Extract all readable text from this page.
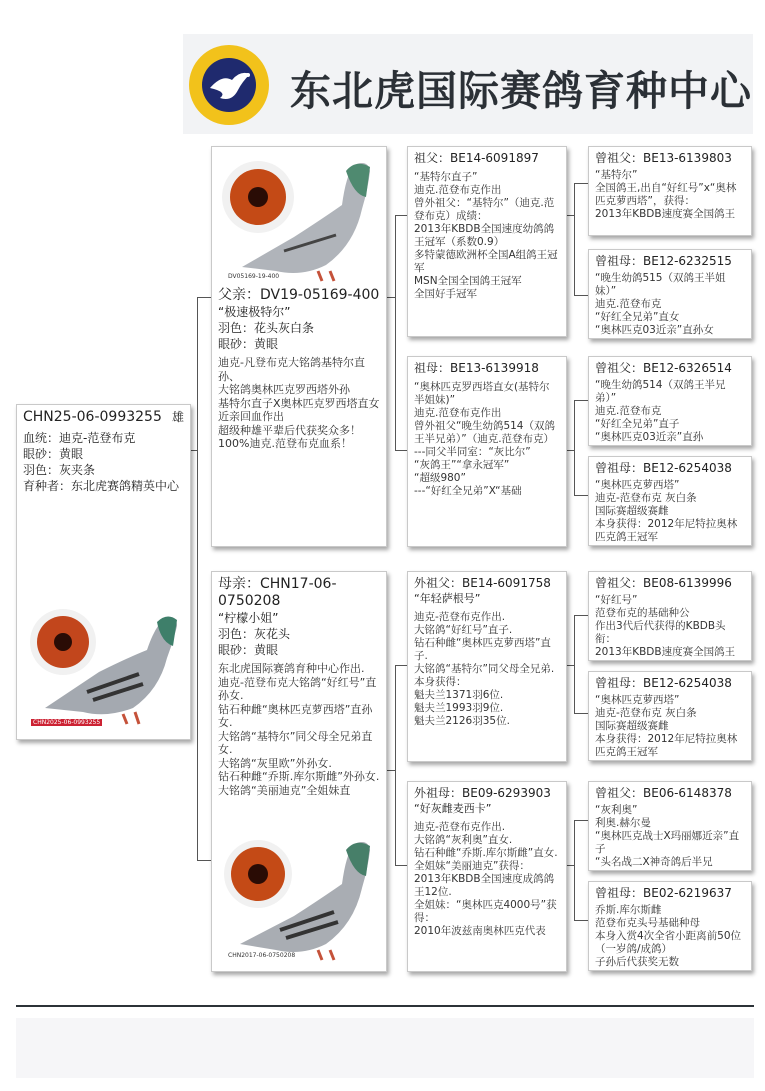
东北虎国际赛鸽育种中心
CHN25-06-0993255 雄
血统：迪克-范登布克
眼砂：黄眼
羽色：灰夹条
育种者：东北虎赛鸽精英中心
CHN2025-06-0993255
DV05169-19-400
父亲：DV19-05169-400
“极速极特尔”
羽色：花头灰白条
眼砂：黄眼
迪克-凡登布克大铭鸽基特尔直孙、
大铭鸽奥林匹克罗西塔外孙
基特尔直子X奥林匹克罗西塔直女近亲回血作出
超级种雄平辈后代获奖众多！
100%迪克.范登布克血系！
母亲：CHN17-06-0750208
“柠檬小姐”
羽色：灰花头
眼砂：黄眼
东北虎国际赛鸽育种中心作出.
迪克-范登布克大铭鸽“好红号”直孙女.
钻石种雌“奥林匹克萝西塔”直孙女.
大铭鸽“基特尔”同父母全兄弟直女.
大铭鸽“灰里欧”外孙女.
钻石种雌“乔斯.库尔斯雌”外孙女.
大铭鸽“美丽迪克”全姐妹直
CHN2017-06-0750208
祖父：BE14-6091897
“基特尔直子”
迪克.范登布克作出
曾外祖父：“基特尔”（迪克.范登布克）成绩：
2013年KBDB全国速度幼鸽鸽王冠军（系数0.9）
多特蒙德欧洲杯全国A组鸽王冠军
MSN全国全国鸽王冠军
全国好手冠军
祖母：BE13-6139918
“奥林匹克罗西塔直女(基特尔半姐妹)”
迪克.范登布克作出
曾外祖父“晚生幼鸽514（双鸽王半兄弟）”（迪克.范登布克）
---同父半同室：“灰比尔”
“灰鸽王”“拿永冠军”
“超级980”
---“好红全兄弟”X“基础
外祖父：BE14-6091758
“年轻萨根号”
迪克-范登布克作出.
大铭鸽“好红号”直子.
钻石种雌“奥林匹克萝西塔”直子.
大铭鸽“基特尔”同父母全兄弟.
本身获得：
魁夫兰1371羽6位.
魁夫兰1993羽9位.
魁夫兰2126羽35位.
外祖母：BE09-6293903
“好灰雌麦西卡”
迪克-范登布克作出.
大铭鸽“灰利奥”直女.
钻石种雌“乔斯.库尔斯雌”直女.
全姐妹“美丽迪克”获得：
2013年KBDB全国速度成鸽鸽王12位.
全姐妹：“奥林匹克4000号”获得：
2010年波兹南奥林匹克代表
曾祖父：BE13-6139803
“基特尔”
全国鸽王,出自“好红号”x“奥林匹克萝西塔”，获得：
2013年KBDB速度赛全国鸽王
曾祖母：BE12-6232515
“晚生幼鸽515（双鸽王半姐妹）”
迪克.范登布克
“好红全兄弟”直女
“奥林匹克03近亲”直孙女
曾祖父：BE12-6326514
“晚生幼鸽514（双鸽王半兄弟）”
迪克.范登布克
“好红全兄弟”直子
“奥林匹克03近亲”直孙
曾祖母：BE12-6254038
“奥林匹克萝西塔”
迪克-范登布克 灰白条
国际赛超级赛雌
本身获得：2012年尼特拉奥林匹克鸽王冠军
曾祖父：BE08-6139996
“好红号”
范登布克的基础种公
作出3代后代获得的KBDB头衔：
2013年KBDB速度赛全国鸽王
曾祖母：BE12-6254038
“奥林匹克萝西塔”
迪克-范登布克 灰白条
国际赛超级赛雌
本身获得：2012年尼特拉奥林匹克鸽王冠军
曾祖父：BE06-6148378
“灰利奥”
利奥.赫尔曼
“奥林匹克战士X玛丽娜近亲”直子
“头名战二X神奇鸽后半兄
曾祖母：BE02-6219637
乔斯.库尔斯雌
范登布克头号基础种母
本身入赏4次全省小距离前50位（一岁鸽/成鸽）
子孙后代获奖无数
